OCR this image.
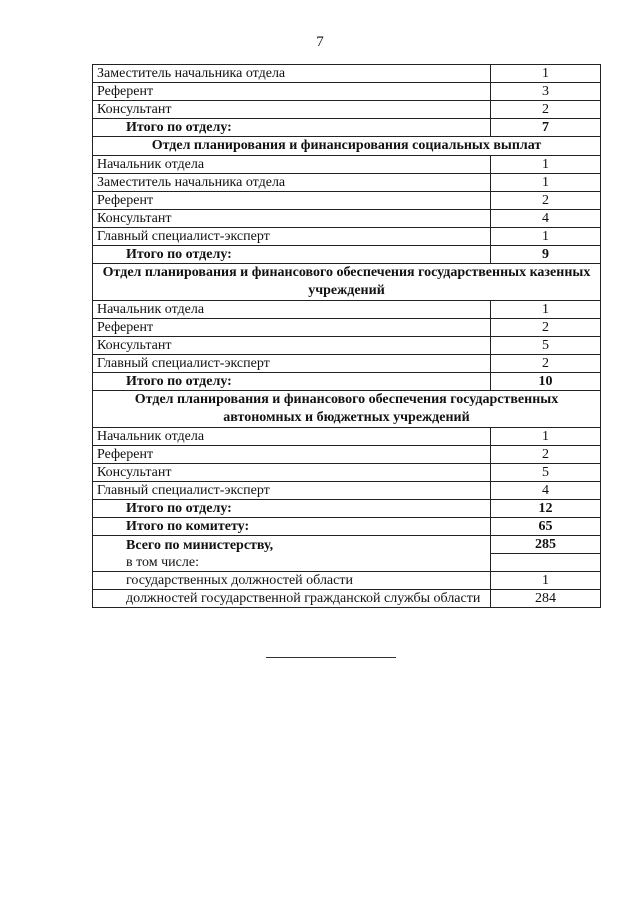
7
Заместитель начальника отдела	1
Референт	3
Консультант	2
Итого по отделу:	7
Отдел планирования и финансирования социальных выплат	
Начальник отдела	1
Заместитель начальника отдела	1
Референт	2
Консультант	4
Главный специалист-эксперт	1
Итого по отделу:	9
Отдел планирования и финансового обеспечения государственных казенных учреждений	
Начальник отдела	1
Референт	2
Консультант	5
Главный специалист-эксперт	2
Итого по отделу:	10
Отдел планирования и финансового обеспечения государственных автономных и бюджетных учреждений	
Начальник отдела	1
Референт	2
Консультант	5
Главный специалист-эксперт	4
Итого по отделу:	12
Итого по комитету:	65

Всего по министерству,
в том числе:	285

государственных должностей области	1
должностей государственной гражданской службы области	284
